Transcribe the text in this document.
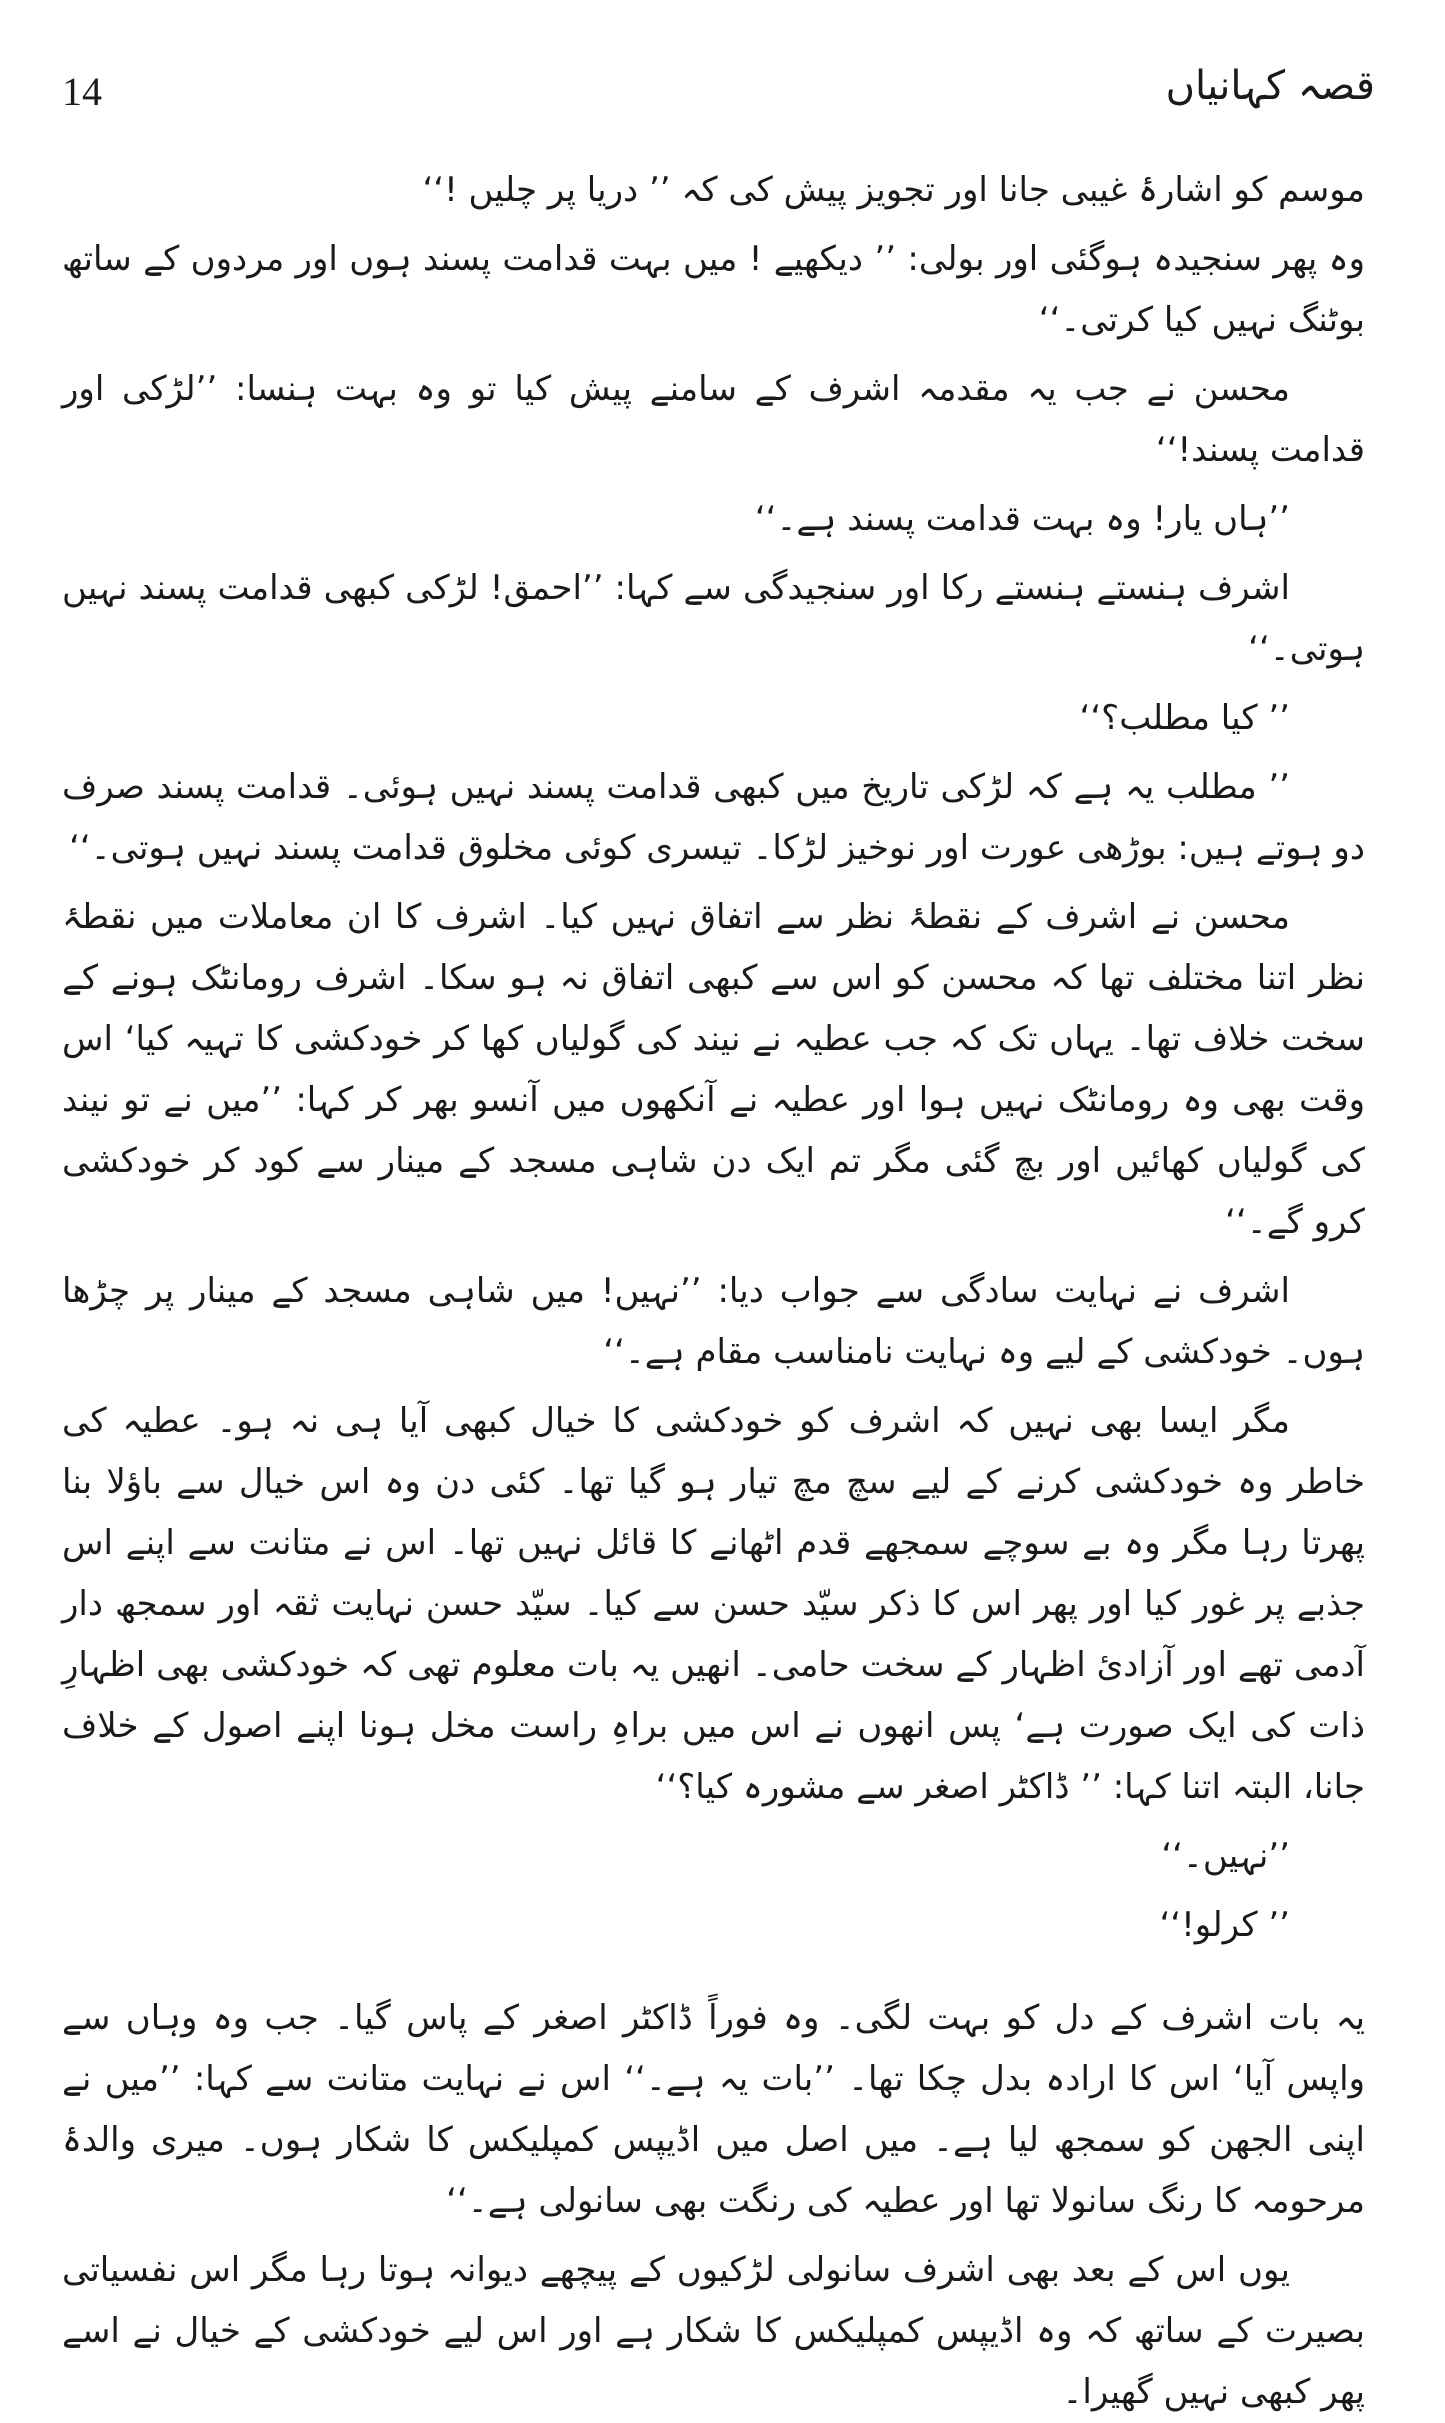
14	قصہ کہانیاں

موسم کو اشارۂ غیبی جانا اور تجویز پیش کی کہ ’’ دریا پر چلیں !‘‘

وہ پھر سنجیدہ ہوگئی اور بولی: ’’ دیکھیے ! میں بہت قدامت پسند ہوں اور مردوں کے ساتھ بوٹنگ نہیں کیا کرتی۔‘‘

محسن نے جب یہ مقدمہ اشرف کے سامنے پیش کیا تو وہ بہت ہنسا: ’’لڑکی اور قدامت پسند!‘‘

’’ہاں یار! وہ بہت قدامت پسند ہے۔‘‘

اشرف ہنستے ہنستے رکا اور سنجیدگی سے کہا: ’’احمق! لڑکی کبھی قدامت پسند نہیں ہوتی۔‘‘

’’ کیا مطلب؟‘‘

’’ مطلب یہ ہے کہ لڑکی تاریخ میں کبھی قدامت پسند نہیں ہوئی۔ قدامت پسند صرف دو ہوتے ہیں: بوڑھی عورت اور نوخیز لڑکا۔ تیسری کوئی مخلوق قدامت پسند نہیں ہوتی۔‘‘

محسن نے اشرف کے نقطۂ نظر سے اتفاق نہیں کیا۔ اشرف کا ان معاملات میں نقطۂ نظر اتنا مختلف تھا کہ محسن کو اس سے کبھی اتفاق نہ ہو سکا۔ اشرف رومانٹک ہونے کے سخت خلاف تھا۔ یہاں تک کہ جب عطیہ نے نیند کی گولیاں کھا کر خودکشی کا تہیہ کیا‘ اس وقت بھی وہ رومانٹک نہیں ہوا اور عطیہ نے آنکھوں میں آنسو بھر کر کہا: ’’میں نے تو نیند کی گولیاں کھائیں اور بچ گئی مگر تم ایک دن شاہی مسجد کے مینار سے کود کر خودکشی کرو گے۔‘‘

اشرف نے نہایت سادگی سے جواب دیا: ’’نہیں! میں شاہی مسجد کے مینار پر چڑھا ہوں۔ خودکشی کے لیے وہ نہایت نامناسب مقام ہے۔‘‘

مگر ایسا بھی نہیں کہ اشرف کو خودکشی کا خیال کبھی آیا ہی نہ ہو۔ عطیہ کی خاطر وہ خودکشی کرنے کے لیے سچ مچ تیار ہو گیا تھا۔ کئی دن وہ اس خیال سے باؤلا بنا پھرتا رہا مگر وہ بے سوچے سمجھے قدم اٹھانے کا قائل نہیں تھا۔ اس نے متانت سے اپنے اس جذبے پر غور کیا اور پھر اس کا ذکر سیّد حسن سے کیا۔ سیّد حسن نہایت ثقہ اور سمجھ دار آدمی تھے اور آزادیٔ اظہار کے سخت حامی۔ انھیں یہ بات معلوم تھی کہ خودکشی بھی اظہارِ ذات کی ایک صورت ہے‘ پس انھوں نے اس میں براہِ راست مخل ہونا اپنے اصول کے خلاف جانا، البتہ اتنا کہا: ’’ ڈاکٹر اصغر سے مشورہ کیا؟‘‘

’’نہیں۔‘‘

’’ کرلو!‘‘

یہ بات اشرف کے دل کو بہت لگی۔ وہ فوراً ڈاکٹر اصغر کے پاس گیا۔ جب وہ وہاں سے واپس آیا‘ اس کا ارادہ بدل چکا تھا۔ ’’بات یہ ہے۔‘‘ اس نے نہایت متانت سے کہا: ’’میں نے اپنی الجھن کو سمجھ لیا ہے۔ میں اصل میں اڈیپس کمپلیکس کا شکار ہوں۔ میری والدۂ مرحومہ کا رنگ سانولا تھا اور عطیہ کی رنگت بھی سانولی ہے۔‘‘

یوں اس کے بعد بھی اشرف سانولی لڑکیوں کے پیچھے دیوانہ ہوتا رہا مگر اس نفسیاتی بصیرت کے ساتھ کہ وہ اڈیپس کمپلیکس کا شکار ہے اور اس لیے خودکشی کے خیال نے اسے پھر کبھی نہیں گھیرا۔
